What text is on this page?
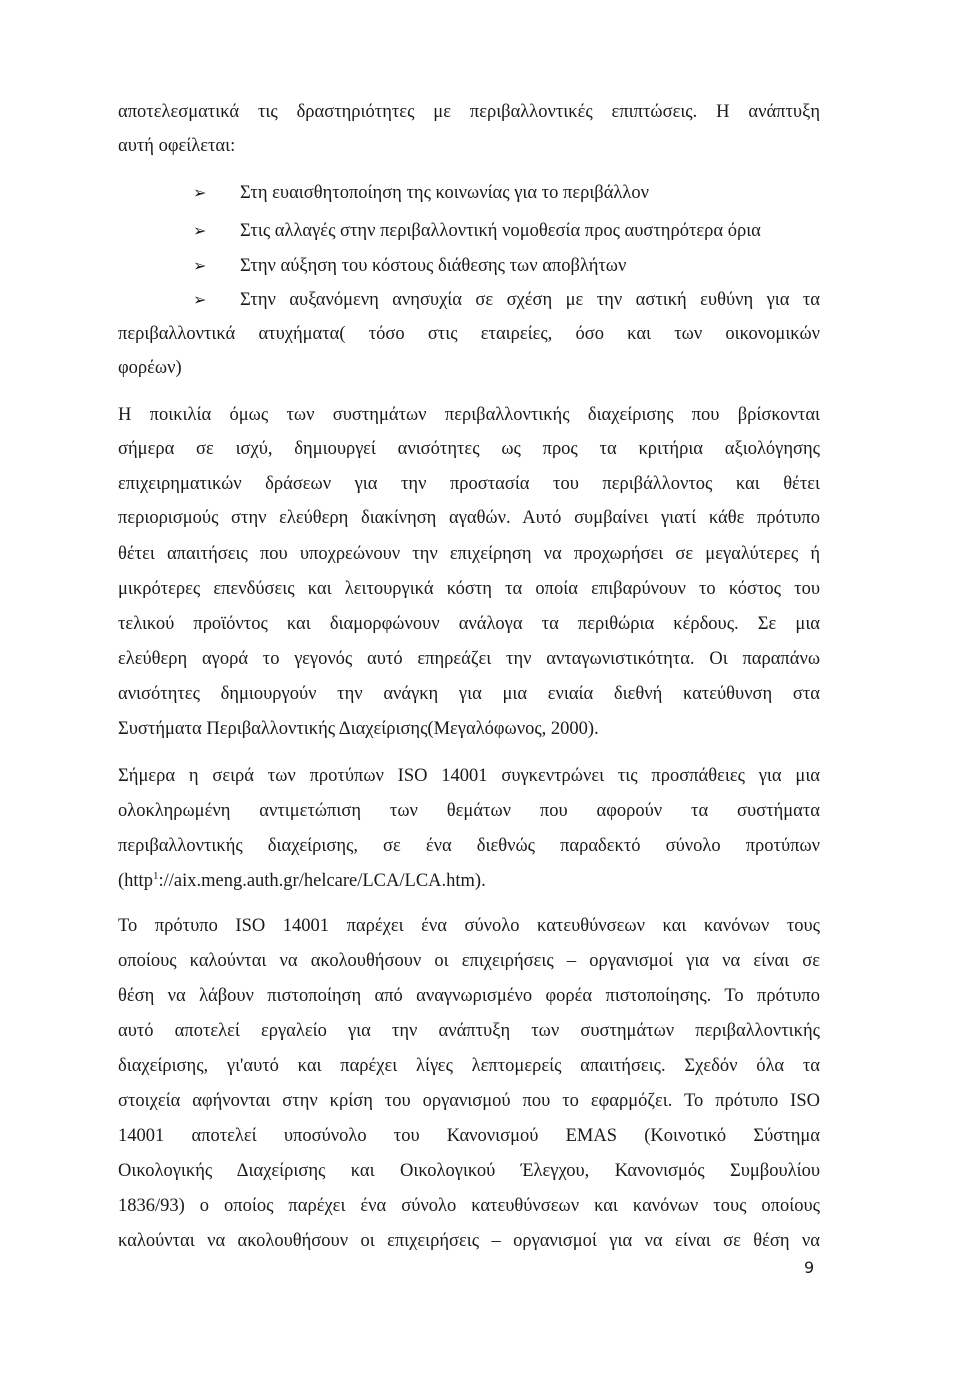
αποτελεσματικά τις δραστηριότητες με περιβαλλοντικές επιπτώσεις. Η ανάπτυξη
αυτή οφείλεται:
➢ Στη ευαισθητοποίηση της κοινωνίας για το περιβάλλον
➢ Στις αλλαγές στην περιβαλλοντική νομοθεσία προς αυστηρότερα όρια
➢ Στην αύξηση του κόστους διάθεσης των αποβλήτων
➢ Στην αυξανόμενη ανησυχία σε σχέση με την αστική ευθύνη για τα
περιβαλλοντικά ατυχήματα( τόσο στις εταιρείες, όσο και των οικονομικών
φορέων)
Η ποικιλία όμως των συστημάτων περιβαλλοντικής διαχείρισης που βρίσκονται
σήμερα σε ισχύ, δημιουργεί ανισότητες ως προς τα κριτήρια αξιολόγησης
επιχειρηματικών δράσεων για την προστασία του περιβάλλοντος και θέτει
περιορισμούς στην ελεύθερη διακίνηση αγαθών. Αυτό συμβαίνει γιατί κάθε πρότυπο
θέτει απαιτήσεις που υποχρεώνουν την επιχείρηση να προχωρήσει σε μεγαλύτερες ή
μικρότερες επενδύσεις και λειτουργικά κόστη τα οποία επιβαρύνουν το κόστος του
τελικού προϊόντος και διαμορφώνουν ανάλογα τα περιθώρια κέρδους. Σε μια
ελεύθερη αγορά το γεγονός αυτό επηρεάζει την ανταγωνιστικότητα. Οι παραπάνω
ανισότητες δημιουργούν την ανάγκη για μια ενιαία διεθνή κατεύθυνση στα
Συστήματα Περιβαλλοντικής Διαχείρισης(Μεγαλόφωνος, 2000).
Σήμερα η σειρά των προτύπων ISO 14001 συγκεντρώνει τις προσπάθειες για μια
ολοκληρωμένη αντιμετώπιση των θεμάτων που αφορούν τα συστήματα
περιβαλλοντικής διαχείρισης, σε ένα διεθνώς παραδεκτό σύνολο προτύπων
(http$^1$://aix.meng.auth.gr/helcare/LCA/LCA.htm).
Το πρότυπο ISO 14001 παρέχει ένα σύνολο κατευθύνσεων και κανόνων τους
οποίους καλούνται να ακολουθήσουν οι επιχειρήσεις – οργανισμοί για να είναι σε
θέση να λάβουν πιστοποίηση από αναγνωρισμένο φορέα πιστοποίησης. Το πρότυπο
αυτό αποτελεί εργαλείο για την ανάπτυξη των συστημάτων περιβαλλοντικής
διαχείρισης, γι'αυτό και παρέχει λίγες λεπτομερείς απαιτήσεις. Σχεδόν όλα τα
στοιχεία αφήνονται στην κρίση του οργανισμού που το εφαρμόζει. Το πρότυπο ISO
14001 αποτελεί υποσύνολο του Κανονισμού EMAS (Κοινοτικό Σύστημα
Οικολογικής Διαχείρισης και Οικολογικού Έλεγχου, Κανονισμός Συμβουλίου
1836/93) ο οποίος παρέχει ένα σύνολο κατευθύνσεων και κανόνων τους οποίους
καλούνται να ακολουθήσουν οι επιχειρήσεις – οργανισμοί για να είναι σε θέση να
9
